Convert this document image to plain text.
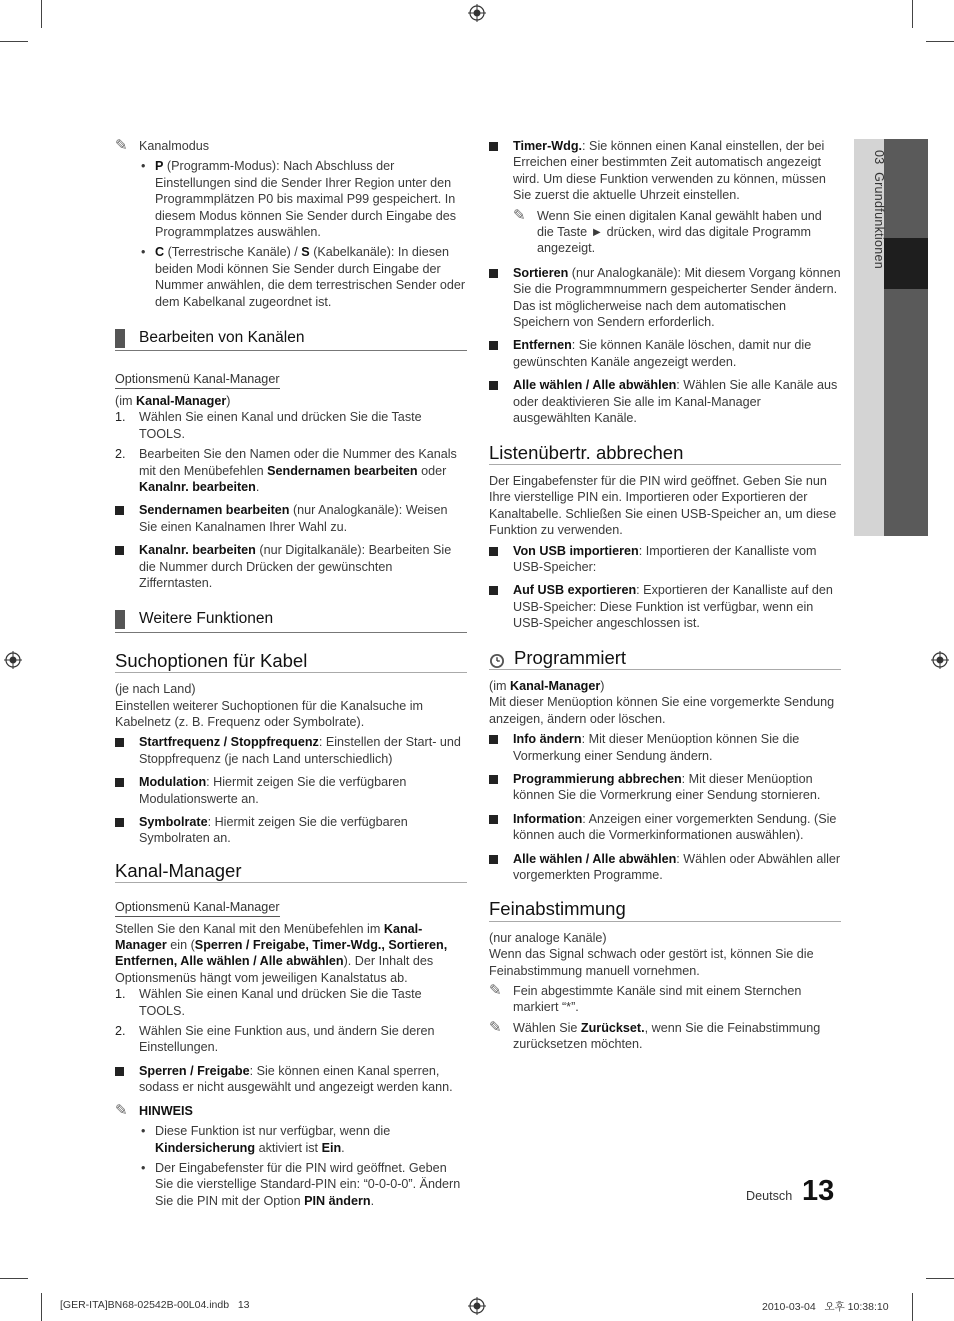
03  Grundfunktionen
✎ Kanalmodus
• P (Programm-Modus): Nach Abschluss der Einstellungen sind die Sender Ihrer Region unter den Programmplätzen P0 bis maximal P99 gespeichert. In diesem Modus können Sie Sender durch Eingabe des Programmplatzes auswählen.
• C (Terrestrische Kanäle) / S (Kabelkanäle): In diesen beiden Modi können Sie Sender durch Eingabe der Nummer anwählen, die dem terrestrischen Sender oder dem Kabelkanal zugeordnet ist.
Bearbeiten von Kanälen
Optionsmenü Kanal-Manager

(im Kanal-Manager)

1. Wählen Sie einen Kanal und drücken Sie die Taste TOOLS.
2. Bearbeiten Sie den Namen oder die Nummer des Kanals mit den Menübefehlen Sendernamen bearbeiten oder Kanalnr. bearbeiten.
Sendernamen bearbeiten (nur Analogkanäle): Weisen Sie einen Kanalnamen Ihrer Wahl zu.
Kanalnr. bearbeiten (nur Digitalkanäle): Bearbeiten Sie die Nummer durch Drücken der gewünschten Zifferntasten.
Weitere Funktionen
Suchoptionen für Kabel

(je nach Land)

Einstellen weiterer Suchoptionen für die Kanalsuche im Kabelnetz (z. B. Frequenz oder Symbolrate).

Startfrequenz / Stoppfrequenz: Einstellen der Start- und Stoppfrequenz (je nach Land unterschiedlich)
Modulation: Hiermit zeigen Sie die verfügbaren Modulationswerte an.
Symbolrate: Hiermit zeigen Sie die verfügbaren Symbolraten an.
Kanal-Manager
Optionsmenü Kanal-Manager

Stellen Sie den Kanal mit den Menübefehlen im Kanal-Manager ein (Sperren / Freigabe, Timer-Wdg., Sortieren, Entfernen, Alle wählen / Alle abwählen). Der Inhalt des Optionsmenüs hängt vom jeweiligen Kanalstatus ab.

1. Wählen Sie einen Kanal und drücken Sie die Taste TOOLS.
2. Wählen Sie eine Funktion aus, und ändern Sie deren Einstellungen.
Sperren / Freigabe: Sie können einen Kanal sperren, sodass er nicht ausgewählt und angezeigt werden kann.
✎ HINWEIS
• Diese Funktion ist nur verfügbar, wenn die Kindersicherung aktiviert ist Ein.
• Der Eingabefenster für die PIN wird geöffnet. Geben Sie die vierstellige Standard-PIN ein: “0-0-0-0”. Ändern Sie die PIN mit der Option PIN ändern.
Timer-Wdg.: Sie können einen Kanal einstellen, der bei Erreichen einer bestimmten Zeit automatisch angezeigt wird. Um diese Funktion verwenden zu können, müssen Sie zuerst die aktuelle Uhrzeit einstellen.
✎ Wenn Sie einen digitalen Kanal gewählt haben und die Taste ► drücken, wird das digitale Programm angezeigt.
Sortieren (nur Analogkanäle): Mit diesem Vorgang können Sie die Programmnummern gespeicherter Sender ändern. Das ist möglicherweise nach dem automatischen Speichern von Sendern erforderlich.
Entfernen: Sie können Kanäle löschen, damit nur die gewünschten Kanäle angezeigt werden.
Alle wählen / Alle abwählen: Wählen Sie alle Kanäle aus oder deaktivieren Sie alle im Kanal-Manager ausgewählten Kanäle.
Listenübertr. abbrechen

Der Eingabefenster für die PIN wird geöffnet. Geben Sie nun Ihre vierstellige PIN ein. Importieren oder Exportieren der Kanaltabelle. Schließen Sie einen USB-Speicher an, um diese Funktion zu verwenden.

Von USB importieren: Importieren der Kanalliste vom USB-Speicher:
Auf USB exportieren: Exportieren der Kanalliste auf den USB-Speicher: Diese Funktion ist verfügbar, wenn ein USB-Speicher angeschlossen ist.
Programmiert

(im Kanal-Manager)

Mit dieser Menüoption können Sie eine vorgemerkte Sendung anzeigen, ändern oder löschen.

Info ändern: Mit dieser Menüoption können Sie die Vormerkung einer Sendung ändern.
Programmierung abbrechen: Mit dieser Menüoption können Sie die Vormerkrung einer Sendung stornieren.
Information: Anzeigen einer vorgemerkten Sendung. (Sie können auch die Vormerkinformationen auswählen).
Alle wählen / Alle abwählen: Wählen oder Abwählen aller vorgemerkten Programme.
Feinabstimmung

(nur analoge Kanäle)

Wenn das Signal schwach oder gestört ist, können Sie die Feinabstimmung manuell vornehmen.

✎ Fein abgestimmte Kanäle sind mit einem Sternchen markiert “*”.
✎ Wählen Sie Zurückset., wenn Sie die Feinabstimmung zurücksetzen möchten.
Deutsch 13
[GER-ITA]BN68-02542B-00L04.indb   13	2010-03-04   오후 10:38:10
